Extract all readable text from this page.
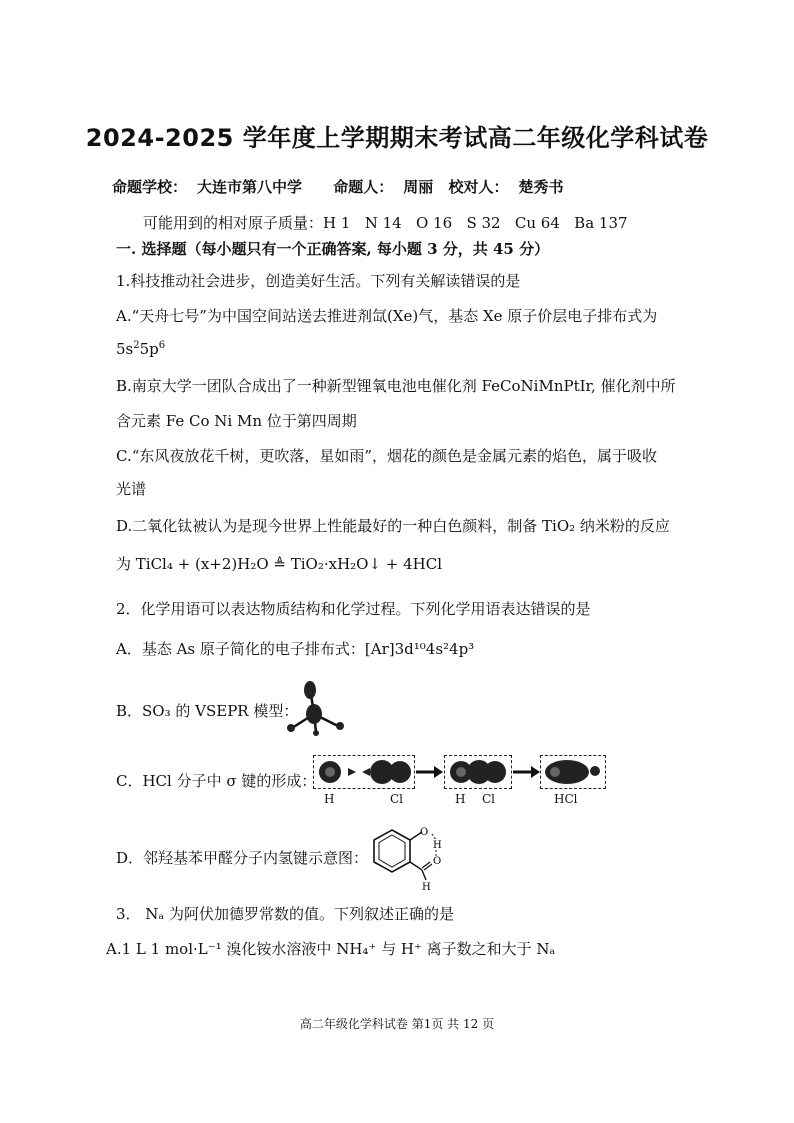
2024-2025 学年度上学期期末考试高二年级化学科试卷
命题学校： 大连市第八中学 命题人： 周丽 校对人： 楚秀书
可能用到的相对原子质量：H 1   N 14   O 16   S 32   Cu 64   Ba 137
一. 选择题（每小题只有一个正确答案, 每小题 3 分，共 45 分）
1.科技推动社会进步，创造美好生活。下列有关解读错误的是
A.“天舟七号”为中国空间站送去推进剂氙(Xe)气，基态 Xe 原子价层电子排布式为
$5s^25p^6$
B.南京大学一团队合成出了一种新型锂氧电池电催化剂 FeCoNiMnPtIr, 催化剂中所
含元素 Fe Co Ni Mn 位于第四周期
C.“东风夜放花千树，更吹落，星如雨”，烟花的颜色是金属元素的焰色，属于吸收
光谱
D.二氧化钛被认为是现今世界上性能最好的一种白色颜料，制备 TiO₂ 纳米粉的反应
为 TiCl₄ + (x+2)H₂O ≜ TiO₂·xH₂O↓ + 4HCl
2．化学用语可以表达物质结构和化学过程。下列化学用语表达错误的是
A．基态 As 原子简化的电子排布式：[Ar]3d¹⁰4s²4p³
B．SO₃ 的 VSEPR 模型：
C．HCl 分子中 σ 键的形成：
H	Cl	H Cl	HCl
D．邻羟基苯甲醛分子内氢键示意图：
O
H
O
H
3． Nₐ 为阿伏加德罗常数的值。下列叙述正确的是
A.1 L 1 mol·L⁻¹ 溴化铵水溶液中 NH₄⁺ 与 H⁺ 离子数之和大于 Nₐ
高二年级化学科试卷 第1页 共 12 页
